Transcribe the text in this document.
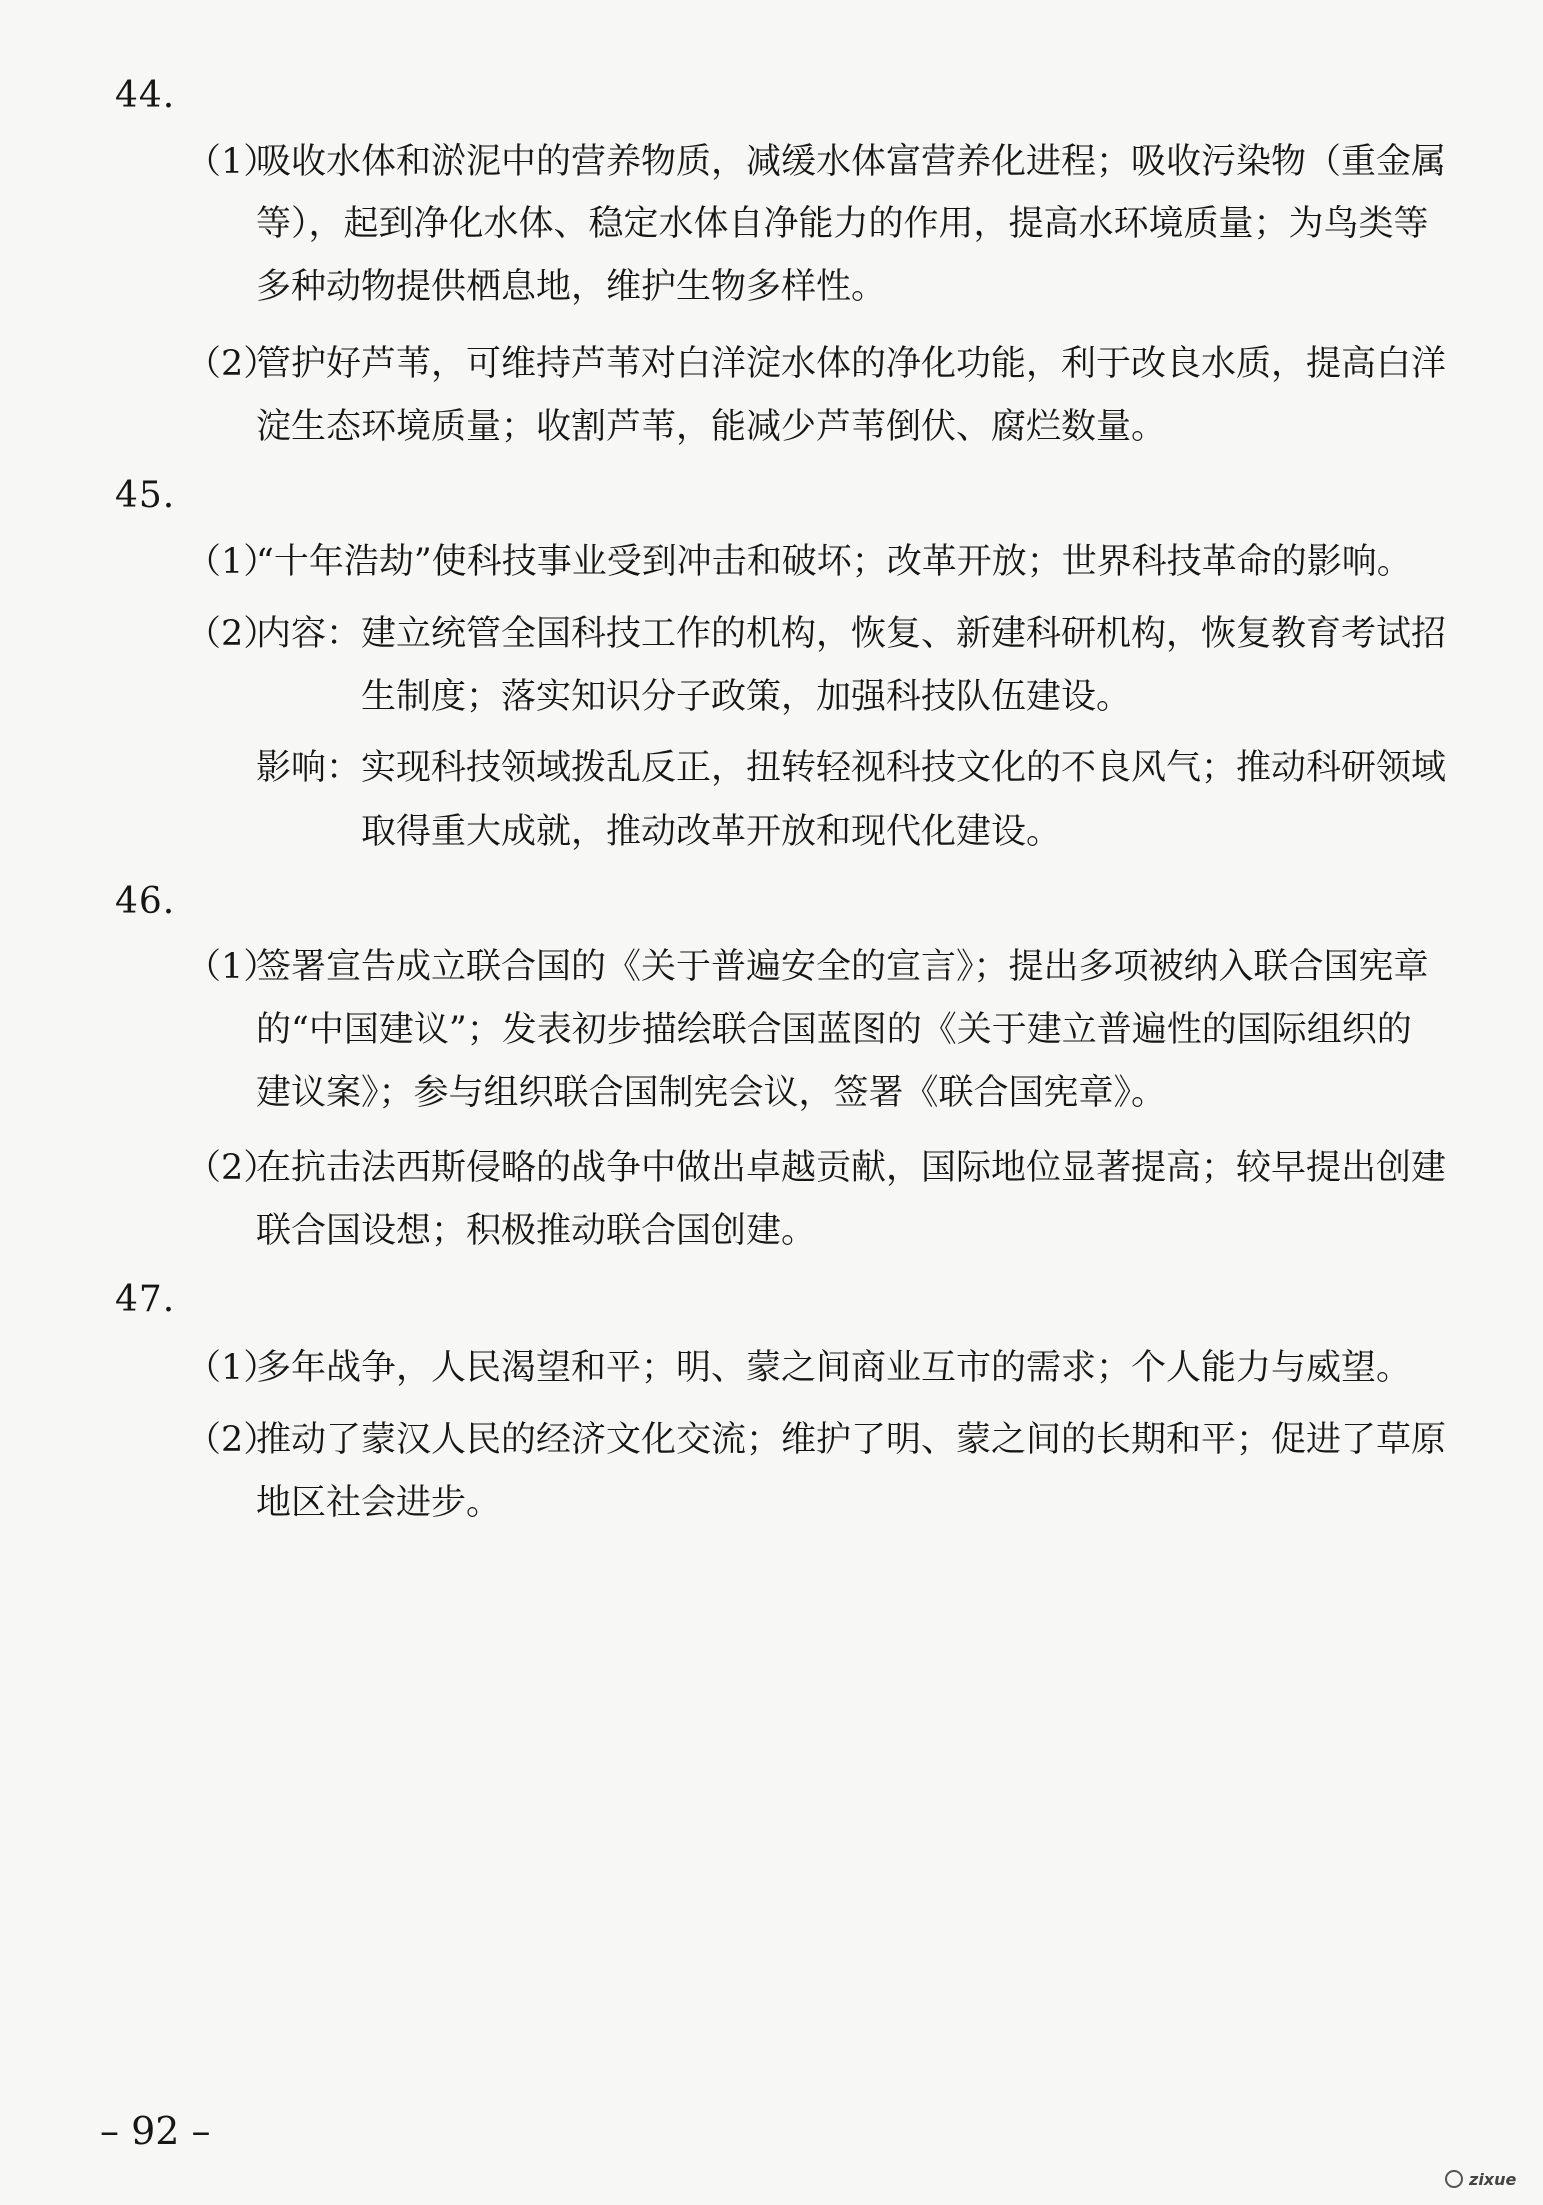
44.
（1）
吸收水体和淤泥中的营养物质，减缓水体富营养化进程；吸收污染物（重金属
等），起到净化水体、稳定水体自净能力的作用，提高水环境质量；为鸟类等
多种动物提供栖息地，维护生物多样性。
（2）
管护好芦苇，可维持芦苇对白洋淀水体的净化功能，利于改良水质，提高白洋
淀生态环境质量；收割芦苇，能减少芦苇倒伏、腐烂数量。
45.
（1）
“十年浩劫”使科技事业受到冲击和破坏；改革开放；世界科技革命的影响。
（2）
内容：建立统管全国科技工作的机构，恢复、新建科研机构，恢复教育考试招
生制度；落实知识分子政策，加强科技队伍建设。
影响：实现科技领域拨乱反正，扭转轻视科技文化的不良风气；推动科研领域
取得重大成就，推动改革开放和现代化建设。
46.
（1）
签署宣告成立联合国的《关于普遍安全的宣言》；提出多项被纳入联合国宪章
的“中国建议”；发表初步描绘联合国蓝图的《关于建立普遍性的国际组织的
建议案》；参与组织联合国制宪会议，签署《联合国宪章》。
（2）
在抗击法西斯侵略的战争中做出卓越贡献，国际地位显著提高；较早提出创建
联合国设想；积极推动联合国创建。
47.
（1）
多年战争，人民渴望和平；明、蒙之间商业互市的需求；个人能力与威望。
（2）
推动了蒙汉人民的经济文化交流；维护了明、蒙之间的长期和平；促进了草原
地区社会进步。
– 92 –
zixue
